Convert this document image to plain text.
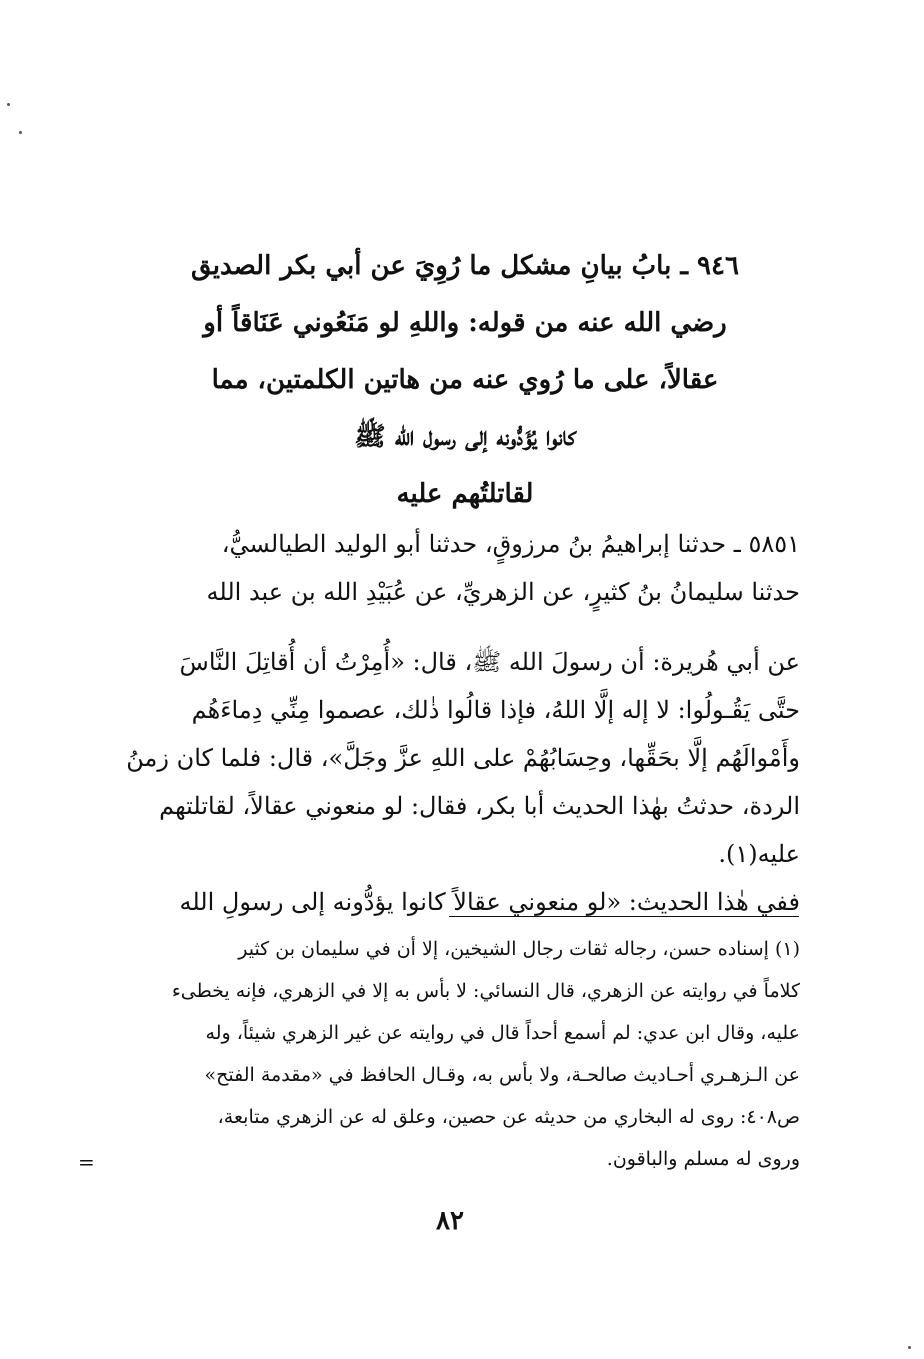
٩٤٦ ـ بابُ بيانِ مشكل ما رُوِيَ عن أبي بكر الصديق
رضي الله عنه من قوله: واللهِ لو مَنَعُوني عَنَاقاً أو
عقالاً، على ما رُوي عنه من هاتين الكلمتين، مما
كانوا يُؤَدُّونه إلى رسول الله ﷺ
لقاتلتُهم عليه
٥٨٥١ ـ حدثنا إبراهيمُ بنُ مرزوقٍ، حدثنا أبو الوليد الطيالسيُّ،
حدثنا سليمانُ بنُ كثيرٍ، عن الزهريِّ، عن عُبَيْدِ الله بن عبد الله
عن أبي هُريرة: أن رسولَ الله ﷺ، قال: «أُمِرْتُ أن أُقاتِلَ النَّاسَ
حتَّى يَقُـولُوا: لا إله إلَّا اللهُ، فإذا قالُوا ذٰلك، عصموا مِنِّي دِماءَهُم
وأَمْوالَهُم إلَّا بحَقِّها، وحِسَابُهُمْ على اللهِ عزَّ وجَلَّ»، قال: فلما كان زمنُ
الردة، حدثتُ بهٰذا الحديث أبا بكر، فقال: لو منعوني عقالاً، لقاتلتهم
عليه(١).
ففي هٰذا الحديث: «لو منعوني عقالاً كانوا يؤدُّونه إلى رسولِ الله
(١) إسناده حسن، رجاله ثقات رجال الشيخين، إلا أن في سليمان بن كثير
كلاماً في روايته عن الزهري، قال النسائي: لا بأس به إلا في الزهري، فإنه يخطىء
عليه، وقال ابن عدي: لم أسمع أحداً قال في روايته عن غير الزهري شيئاً، وله
عن الـزهـري أحـاديث صالحـة، ولا بأس به، وقـال الحافظ في «مقدمة الفتح»
ص٤٠٨: روى له البخاري من حديثه عن حصين، وعلق له عن الزهري متابعة،
وروى له مسلم والباقون.
=
٨٢
